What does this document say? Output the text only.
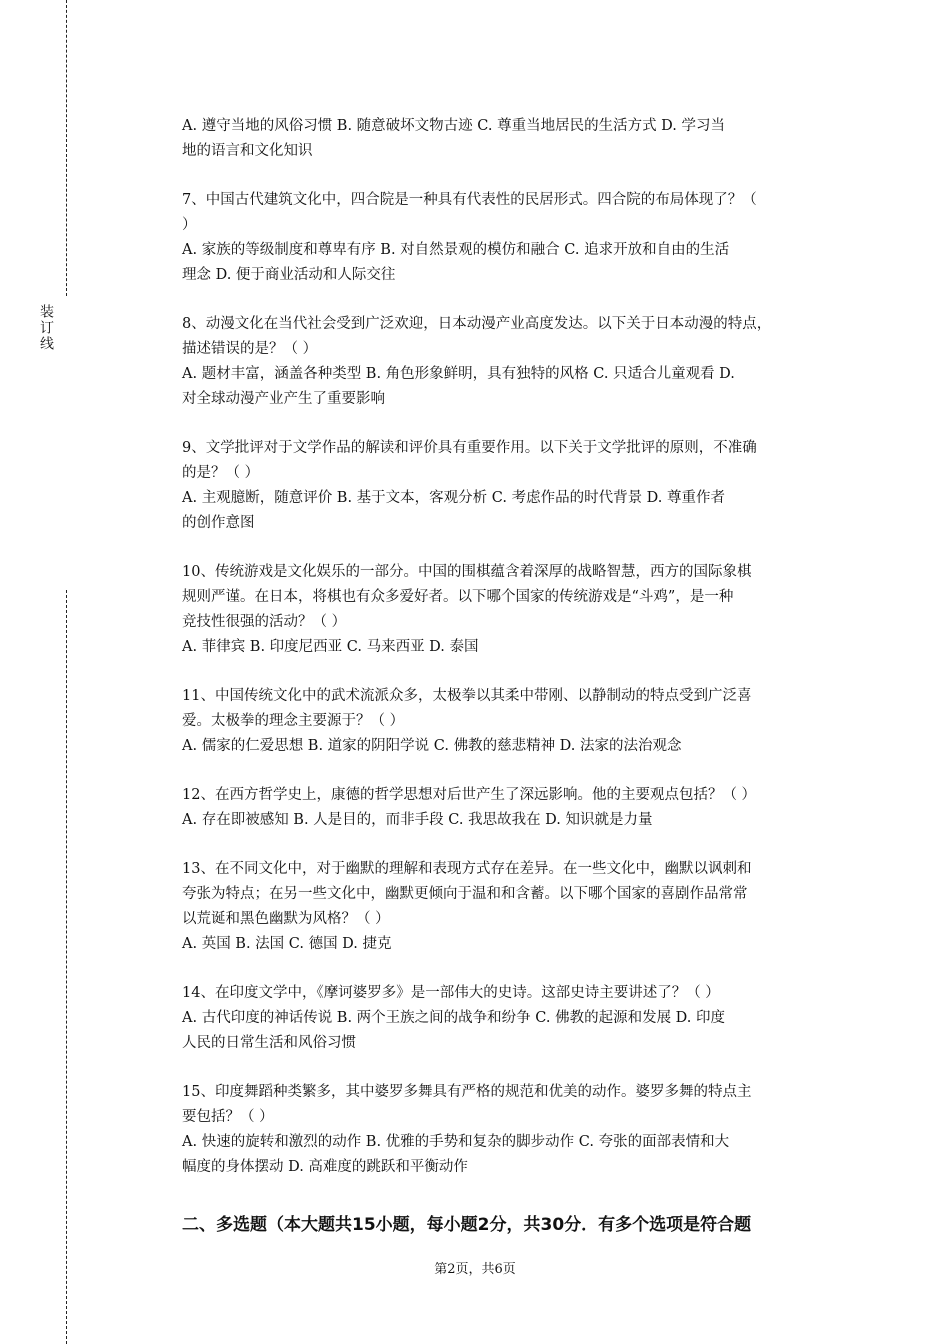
装订线
A. 遵守当地的风俗习惯 B. 随意破坏文物古迹 C. 尊重当地居民的生活方式 D. 学习当
地的语言和文化知识
7、中国古代建筑文化中，四合院是一种具有代表性的民居形式。四合院的布局体现了？（
）
A. 家族的等级制度和尊卑有序 B. 对自然景观的模仿和融合 C. 追求开放和自由的生活
理念 D. 便于商业活动和人际交往
8、动漫文化在当代社会受到广泛欢迎，日本动漫产业高度发达。以下关于日本动漫的特点，
描述错误的是？（ ）
A. 题材丰富，涵盖各种类型 B. 角色形象鲜明，具有独特的风格 C. 只适合儿童观看 D.
对全球动漫产业产生了重要影响
9、文学批评对于文学作品的解读和评价具有重要作用。以下关于文学批评的原则，不准确
的是？（ ）
A. 主观臆断，随意评价 B. 基于文本，客观分析 C. 考虑作品的时代背景 D. 尊重作者
的创作意图
10、传统游戏是文化娱乐的一部分。中国的围棋蕴含着深厚的战略智慧，西方的国际象棋
规则严谨。在日本，将棋也有众多爱好者。以下哪个国家的传统游戏是“斗鸡”，是一种
竞技性很强的活动？（ ）
A. 菲律宾 B. 印度尼西亚 C. 马来西亚 D. 泰国
11、中国传统文化中的武术流派众多，太极拳以其柔中带刚、以静制动的特点受到广泛喜
爱。太极拳的理念主要源于？（ ）
A. 儒家的仁爱思想 B. 道家的阴阳学说 C. 佛教的慈悲精神 D. 法家的法治观念
12、在西方哲学史上，康德的哲学思想对后世产生了深远影响。他的主要观点包括？（ ）
A. 存在即被感知 B. 人是目的，而非手段 C. 我思故我在 D. 知识就是力量
13、在不同文化中，对于幽默的理解和表现方式存在差异。在一些文化中，幽默以讽刺和
夸张为特点；在另一些文化中，幽默更倾向于温和和含蓄。以下哪个国家的喜剧作品常常
以荒诞和黑色幽默为风格？（ ）
A. 英国 B. 法国 C. 德国 D. 捷克
14、在印度文学中，《摩诃婆罗多》是一部伟大的史诗。这部史诗主要讲述了？（ ）
A. 古代印度的神话传说 B. 两个王族之间的战争和纷争 C. 佛教的起源和发展 D. 印度
人民的日常生活和风俗习惯
15、印度舞蹈种类繁多，其中婆罗多舞具有严格的规范和优美的动作。婆罗多舞的特点主
要包括？（ ）
A. 快速的旋转和激烈的动作 B. 优雅的手势和复杂的脚步动作 C. 夸张的面部表情和大
幅度的身体摆动 D. 高难度的跳跃和平衡动作
二、多选题（本大题共15小题，每小题2分，共30分．有多个选项是符合题
第2页，共6页
